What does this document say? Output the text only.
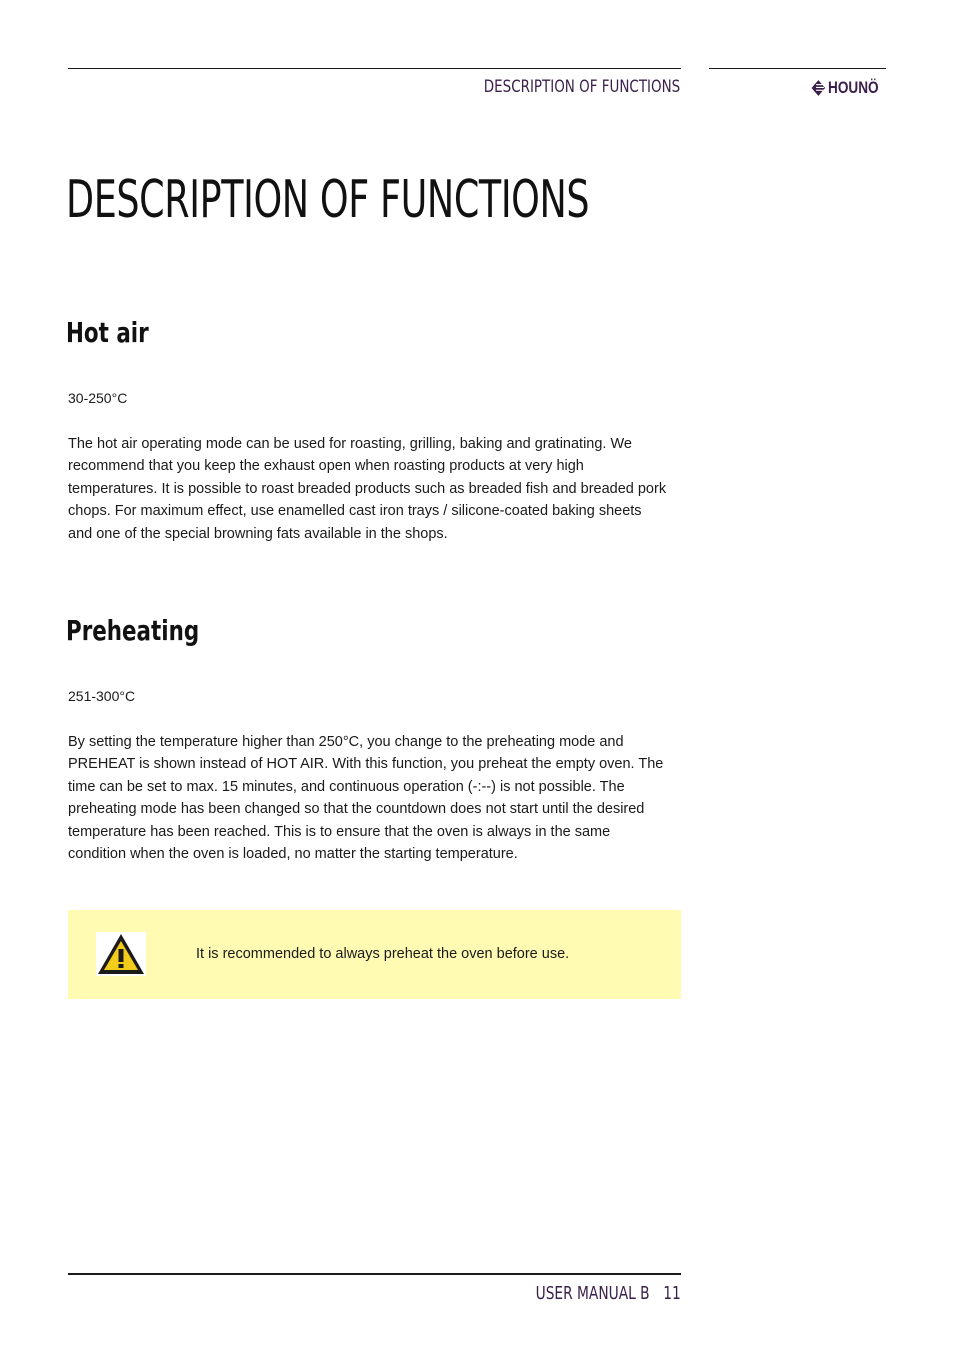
DESCRIPTION OF FUNCTIONS	HOUNÖ
DESCRIPTION OF FUNCTIONS
Hot air
30-250°C

The hot air operating mode can be used for roasting, grilling, baking and gratinating. We recommend that you keep the exhaust open when roasting products at very high temperatures. It is possible to roast breaded products such as breaded fish and breaded pork chops. For maximum effect, use enamelled cast iron trays / silicone-coated baking sheets and one of the special browning fats available in the shops.

Preheating
251-300°C

By setting the temperature higher than 250°C, you change to the preheating mode and PREHEAT is shown instead of HOT AIR. With this function, you preheat the empty oven. The time can be set to max. 15 minutes, and continuous operation (-:--) is not possible. The preheating mode has been changed so that the countdown does not start until the desired temperature has been reached. This is to ensure that the oven is always in the same condition when the oven is loaded, no matter the starting temperature.

It is recommended to always preheat the oven before use.
USER MANUAL B 11
